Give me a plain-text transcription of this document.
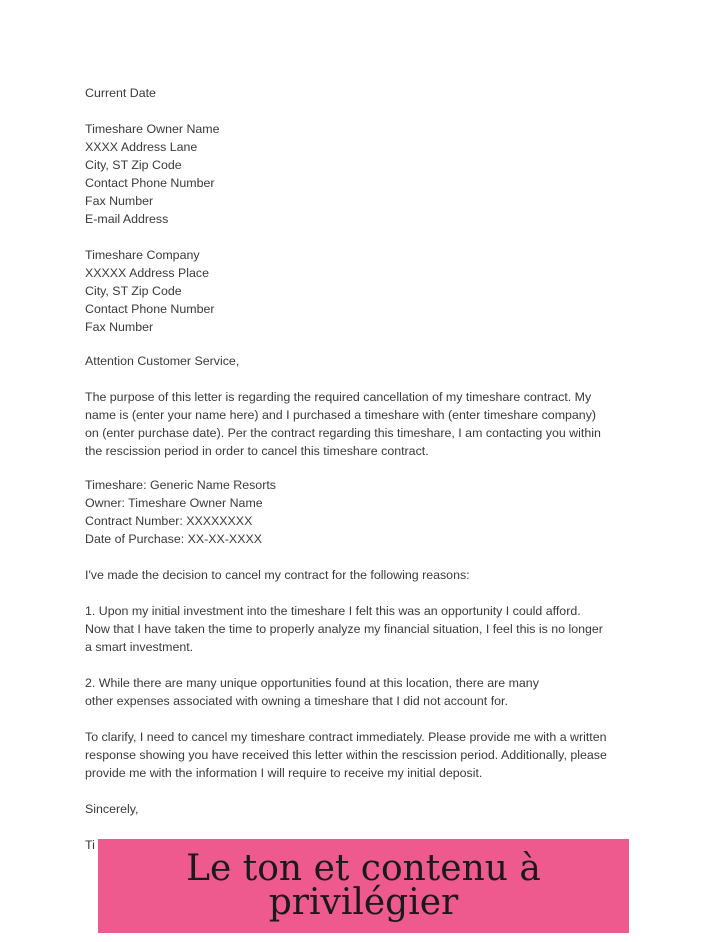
Current Date
Timeshare Owner Name
XXXX Address Lane
City, ST Zip Code
Contact Phone Number
Fax Number
E-mail Address
Timeshare Company
XXXXX Address Place
City, ST Zip Code
Contact Phone Number
Fax Number
Attention Customer Service,
The purpose of this letter is regarding the required cancellation of my timeshare contract. My
name is (enter your name here) and I purchased a timeshare with (enter timeshare company)
on (enter purchase date). Per the contract regarding this timeshare, I am contacting you within
the rescission period in order to cancel this timeshare contract.
Timeshare: Generic Name Resorts
Owner: Timeshare Owner Name
Contract Number: XXXXXXXX
Date of Purchase: XX-XX-XXXX
I've made the decision to cancel my contract for the following reasons:
1. Upon my initial investment into the timeshare I felt this was an opportunity I could afford.
Now that I have taken the time to properly analyze my financial situation, I feel this is no longer
a smart investment.
2. While there are many unique opportunities found at this location, there are many
other expenses associated with owning a timeshare that I did not account for.
To clarify, I need to cancel my timeshare contract immediately. Please provide me with a written
response showing you have received this letter within the rescission period. Additionally, please
provide me with the information I will require to receive my initial deposit.
Sincerely,
Ti
Le ton et contenu à
privilégier
